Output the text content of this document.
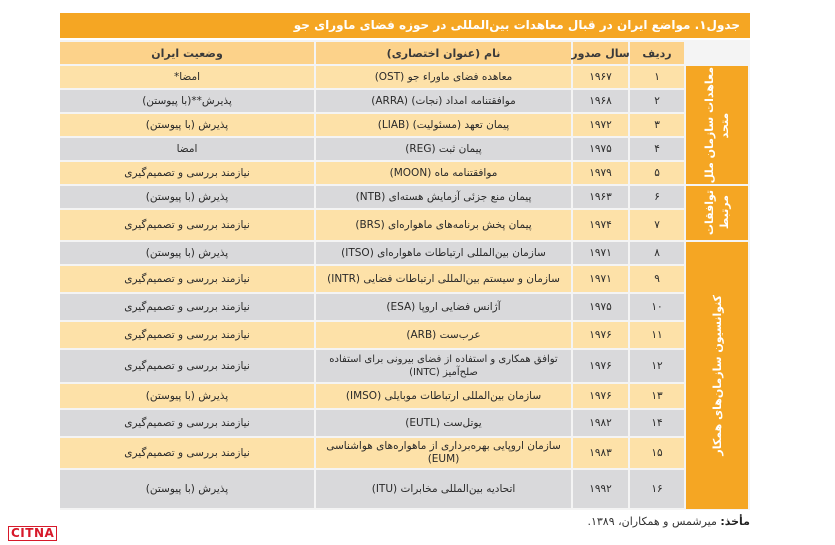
جدول۱. مواضع ایران در قبال معاهدات بین‌المللی در حوزه فضای ماورای جو
ردیف
سال صدور
نام (عنوان اختصاری)
وضعیت ایران
معاهدات سازمان ملل متحد
توافقات مرتبط
کنوانسیون سازمان‌های همکار
۱
۱۹۶۷
معاهده فضای ماورا‌ء جو (OST)
امضا*
۲
۱۹۶۸
موافقتنامه امداد (نجات) (ARRA)
پذیرش**(با پیوستن)
۳
۱۹۷۲
پیمان تعهد (مسئولیت) (LIAB)
پذیرش (با پیوستن)
۴
۱۹۷۵
پیمان ثبت (REG)
امضا
۵
۱۹۷۹
موافقتنامه ماه (MOON)
نیازمند بررسی و تصمیم‌گیری
۶
۱۹۶۳
پیمان منع جزئی آزمایش هسته‌ای (NTB)
پذیرش (با پیوستن)
۷
۱۹۷۴
پیمان پخش برنامه‌های ماهواره‌ای (BRS)
نیازمند بررسی و تصمیم‌گیری
۸
۱۹۷۱
سازمان بین‌المللی ارتباطات ماهواره‌ای (ITSO)
پذیرش (با پیوستن)
۹
۱۹۷۱
سازمان و سیستم بین‌المللی ارتباطات فضایی (INTR)
نیازمند بررسی و تصمیم‌گیری
۱۰
۱۹۷۵
آژانس فضایی اروپا (ESA)
نیازمند بررسی و تصمیم‌گیری
۱۱
۱۹۷۶
عرب‌ست (ARB)
نیازمند بررسی و تصمیم‌گیری
۱۲
۱۹۷۶
توافق همکاری و استفاده از فضای بیرونی برای استفاده صلح‌آمیز (INTC)
نیازمند بررسی و تصمیم‌گیری
۱۳
۱۹۷۶
سازمان بین‌المللی ارتباطات موبایلی (IMSO)
پذیرش (با پیوستن)
۱۴
۱۹۸۲
یوتل‌ست (EUTL)
نیازمند بررسی و تصمیم‌گیری
۱۵
۱۹۸۳
سازمان اروپایی بهره‌برداری از ماهواره‌های هواشناسی (EUM)
نیازمند بررسی و تصمیم‌گیری
۱۶
۱۹۹۲
اتحادیه بین‌المللی مخابرات (ITU)
پذیرش (با پیوستن)
مأخذ: میرشمس و همکاران، ۱۳۸۹.
CITNA
